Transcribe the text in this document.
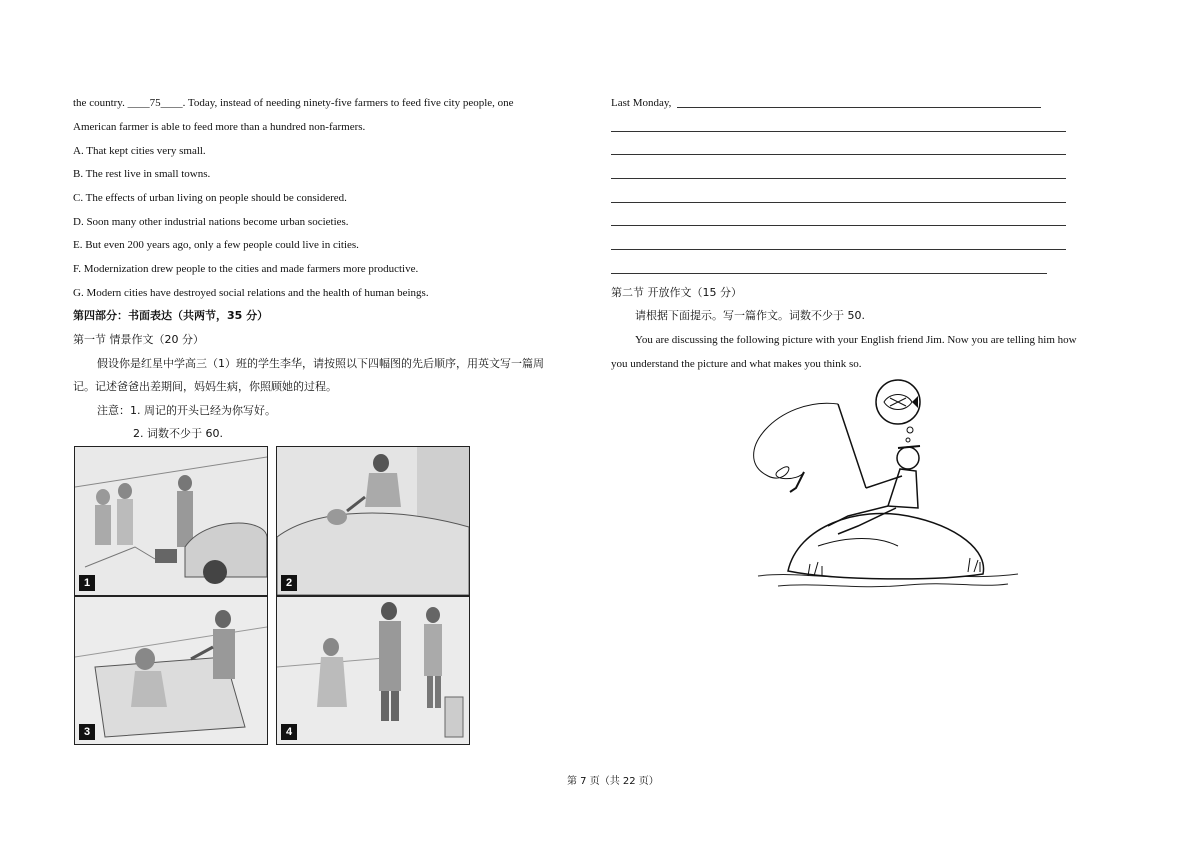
the country. ____75____. Today, instead of needing ninety-five farmers to feed five city people, one
American farmer is able to feed more than a hundred non-farmers.
A. That kept cities very small.
B. The rest live in small towns.
C. The effects of urban living on people should be considered.
D. Soon many other industrial nations become urban societies.
E. But even 200 years ago, only a few people could live in cities.
F. Modernization drew people to the cities and made farmers more productive.
G. Modern cities have destroyed social relations and the health of human beings.
第四部分：书面表达（共两节，35 分）
第一节 情景作文（20 分）
假设你是红星中学高三（1）班的学生李华，请按照以下四幅图的先后顺序，用英文写一篇周
记。记述爸爸出差期间，妈妈生病，你照顾她的过程。
注意：1. 周记的开头已经为你写好。
2. 词数不少于 60.
1	2
3	4
Last Monday,
第二节 开放作文（15 分）
请根据下面提示。写一篇作文。词数不少于 50.
You are discussing the following picture with your English friend Jim. Now you are telling him how
you understand the picture and what makes you think so.
第 7 页（共 22 页）
